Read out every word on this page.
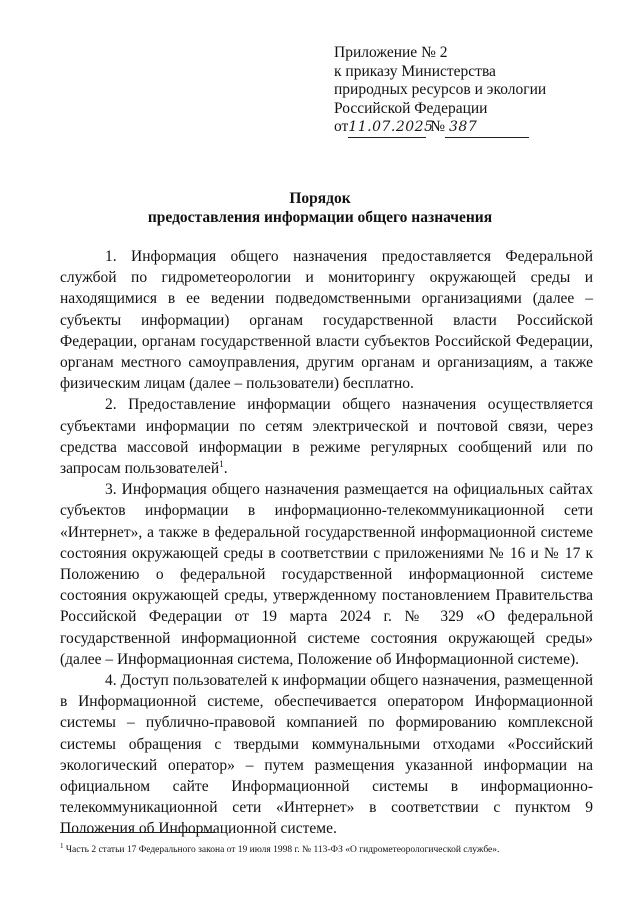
Приложение № 2
к приказу Министерства
природных ресурсов и экологии
Российской Федерации
от11.07.2025 № 387
Порядок
предоставления информации общего назначения

1. Информация общего назначения предоставляется Федеральной службой по гидрометеорологии и мониторингу окружающей среды и находящимися в ее ведении подведомственными организациями (далее – субъекты информации) органам государственной власти Российской Федерации, органам государственной власти субъектов Российской Федерации, органам местного самоуправления, другим органам и организациям, а также физическим лицам (далее – пользователи) бесплатно.

2. Предоставление информации общего назначения осуществляется субъектами информации по сетям электрической и почтовой связи, через средства массовой информации в режиме регулярных сообщений или по запросам пользователей$^1$.

3. Информация общего назначения размещается на официальных сайтах субъектов информации в информационно-телекоммуникационной сети «Интернет», а также в федеральной государственной информационной системе состояния окружающей среды в соответствии с приложениями № 16 и № 17 к Положению о федеральной государственной информационной системе состояния окружающей среды, утвержденному постановлением Правительства Российской Федерации от 19 марта 2024 г. № 329 «О федеральной государственной информационной системе состояния окружающей среды» (далее – Информационная система, Положение об Информационной системе).

4. Доступ пользователей к информации общего назначения, размещенной в Информационной системе, обеспечивается оператором Информационной системы – публично-правовой компанией по формированию комплексной системы обращения с твердыми коммунальными отходами «Российский экологический оператор» – путем размещения указанной информации на официальном сайте Информационной системы в информационно-телекоммуникационной сети «Интернет» в соответствии с пунктом 9 Положения об Информационной системе.

$^1$ Часть 2 статьи 17 Федерального закона от 19 июля 1998 г. № 113-ФЗ «О гидрометеорологической службе».
